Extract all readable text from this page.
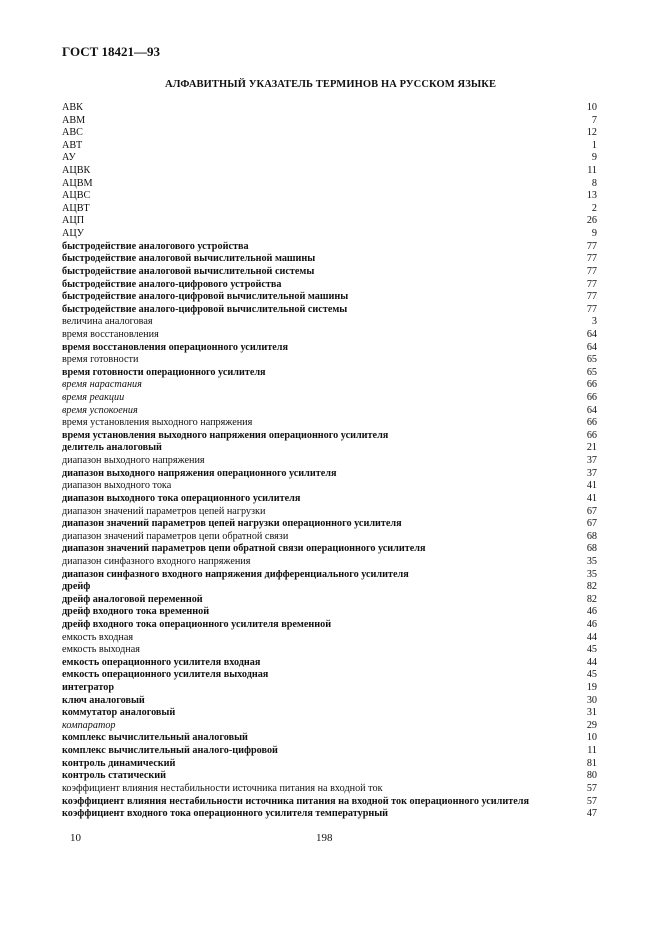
ГОСТ 18421—93
АЛФАВИТНЫЙ УКАЗАТЕЛЬ ТЕРМИНОВ НА РУССКОМ ЯЗЫКЕ
АВК	10
АВМ	7
АВС	12
АВТ	1
АУ	9
АЦВК	11
АЦВМ	8
АЦВС	13
АЦВТ	2
АЦП	26
АЦУ	9
быстродействие аналогового устройства	77
быстродействие аналоговой вычислительной машины	77
быстродействие аналоговой вычислительной системы	77
быстродействие аналого-цифрового устройства	77
быстродействие аналого-цифровой вычислительной машины	77
быстродействие аналого-цифровой вычислительной системы	77
величина аналоговая	3
время восстановления	64
время восстановления операционного усилителя	64
время готовности	65
время готовности операционного усилителя	65
время нарастания	66
время реакции	66
время успокоения	64
время установления выходного напряжения	66
время установления выходного напряжения операционного усилителя	66
делитель аналоговый	21
диапазон выходного напряжения	37
диапазон выходного напряжения операционного усилителя	37
диапазон выходного тока	41
диапазон выходного тока операционного усилителя	41
диапазон значений параметров цепей нагрузки	67
диапазон значений параметров цепей нагрузки операционного усилителя	67
диапазон значений параметров цепи обратной связи	68
диапазон значений параметров цепи обратной связи операционного усилителя	68
диапазон синфазного входного напряжения	35
диапазон синфазного входного напряжения дифференциального усилителя	35
дрейф	82
дрейф аналоговой переменной	82
дрейф входного тока временной	46
дрейф входного тока операционного усилителя временной	46
емкость входная	44
емкость выходная	45
емкость операционного усилителя входная	44
емкость операционного усилителя выходная	45
интегратор	19
ключ аналоговый	30
коммутатор аналоговый	31
компаратор	29
комплекс вычислительный аналоговый	10
комплекс вычислительный аналого-цифровой	11
контроль динамический	81
контроль статический	80
коэффициент влияния нестабильности источника питания на входной ток	57
коэффициент влияния нестабильности источника питания на входной ток операционного усилителя	57
коэффициент входного тока операционного усилителя температурный	47
10	198
